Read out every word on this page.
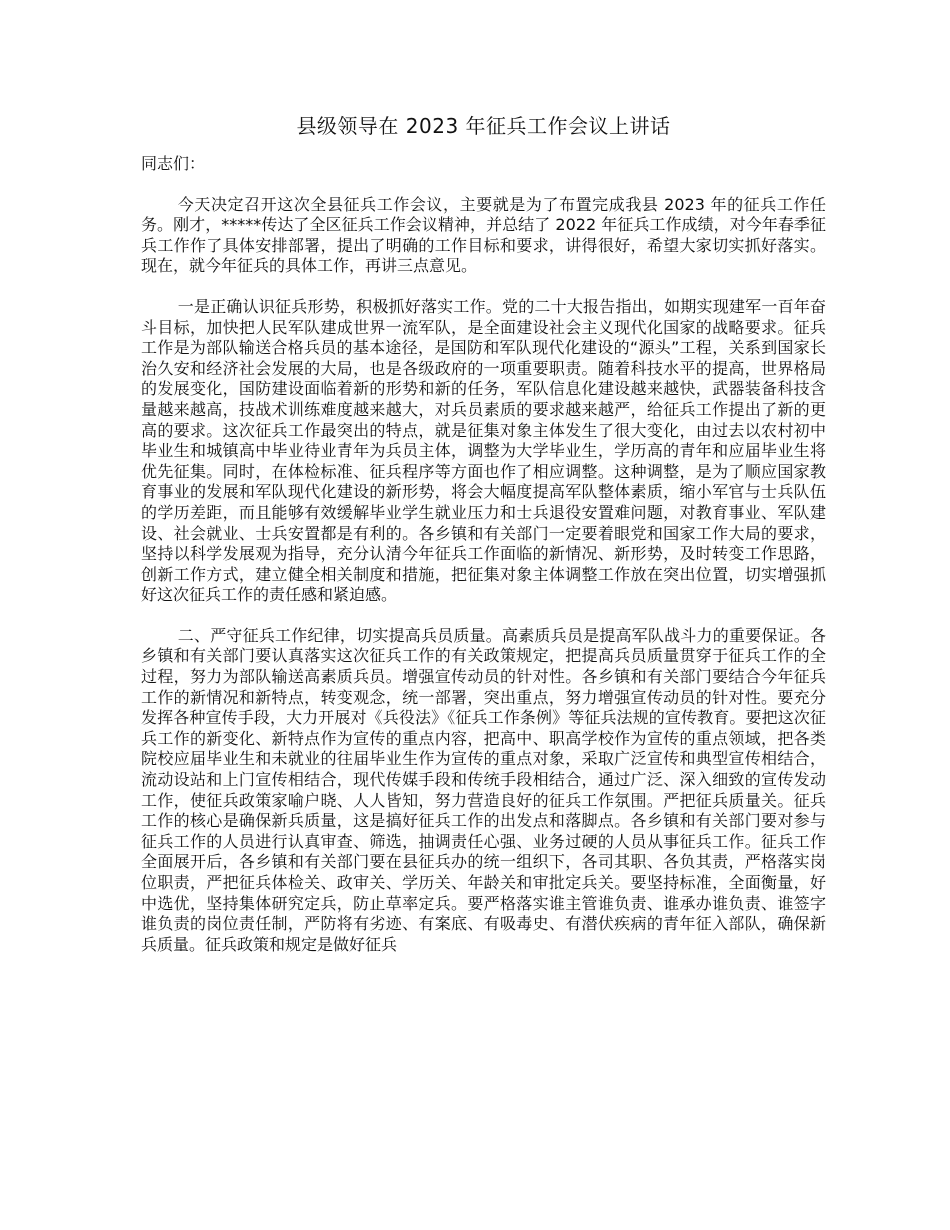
县级领导在 2023 年征兵工作会议上讲话

同志们：

今天决定召开这次全县征兵工作会议，主要就是为了布置完成我县 2023 年的征兵工作任务。刚才，*****传达了全区征兵工作会议精神，并总结了 2022 年征兵工作成绩，对今年春季征兵工作作了具体安排部署，提出了明确的工作目标和要求，讲得很好，希望大家切实抓好落实。现在，就今年征兵的具体工作，再讲三点意见。

一是正确认识征兵形势，积极抓好落实工作。党的二十大报告指出，如期实现建军一百年奋斗目标，加快把人民军队建成世界一流军队，是全面建设社会主义现代化国家的战略要求。征兵工作是为部队输送合格兵员的基本途径，是国防和军队现代化建设的“源头”工程，关系到国家长治久安和经济社会发展的大局，也是各级政府的一项重要职责。随着科技水平的提高，世界格局的发展变化，国防建设面临着新的形势和新的任务，军队信息化建设越来越快，武器装备科技含量越来越高，技战术训练难度越来越大，对兵员素质的要求越来越严，给征兵工作提出了新的更高的要求。这次征兵工作最突出的特点，就是征集对象主体发生了很大变化，由过去以农村初中毕业生和城镇高中毕业待业青年为兵员主体，调整为大学毕业生，学历高的青年和应届毕业生将优先征集。同时，在体检标准、征兵程序等方面也作了相应调整。这种调整，是为了顺应国家教育事业的发展和军队现代化建设的新形势，将会大幅度提高军队整体素质，缩小军官与士兵队伍的学历差距，而且能够有效缓解毕业学生就业压力和士兵退役安置难问题，对教育事业、军队建设、社会就业、士兵安置都是有利的。各乡镇和有关部门一定要着眼党和国家工作大局的要求，坚持以科学发展观为指导，充分认清今年征兵工作面临的新情况、新形势，及时转变工作思路，创新工作方式，建立健全相关制度和措施，把征集对象主体调整工作放在突出位置，切实增强抓好这次征兵工作的责任感和紧迫感。

二、严守征兵工作纪律，切实提高兵员质量。高素质兵员是提高军队战斗力的重要保证。各乡镇和有关部门要认真落实这次征兵工作的有关政策规定，把提高兵员质量贯穿于征兵工作的全过程，努力为部队输送高素质兵员。增强宣传动员的针对性。各乡镇和有关部门要结合今年征兵工作的新情况和新特点，转变观念，统一部署，突出重点，努力增强宣传动员的针对性。要充分发挥各种宣传手段，大力开展对《兵役法》《征兵工作条例》等征兵法规的宣传教育。要把这次征兵工作的新变化、新特点作为宣传的重点内容，把高中、职高学校作为宣传的重点领域，把各类院校应届毕业生和未就业的往届毕业生作为宣传的重点对象，采取广泛宣传和典型宣传相结合，流动设站和上门宣传相结合，现代传媒手段和传统手段相结合，通过广泛、深入细致的宣传发动工作，使征兵政策家喻户晓、人人皆知，努力营造良好的征兵工作氛围。严把征兵质量关。征兵工作的核心是确保新兵质量，这是搞好征兵工作的出发点和落脚点。各乡镇和有关部门要对参与征兵工作的人员进行认真审查、筛选，抽调责任心强、业务过硬的人员从事征兵工作。征兵工作全面展开后，各乡镇和有关部门要在县征兵办的统一组织下，各司其职、各负其责，严格落实岗位职责，严把征兵体检关、政审关、学历关、年龄关和审批定兵关。要坚持标准，全面衡量，好中选优，坚持集体研究定兵，防止草率定兵。要严格落实谁主管谁负责、谁承办谁负责、谁签字谁负责的岗位责任制，严防将有劣迹、有案底、有吸毒史、有潜伏疾病的青年征入部队，确保新兵质量。征兵政策和规定是做好征兵
